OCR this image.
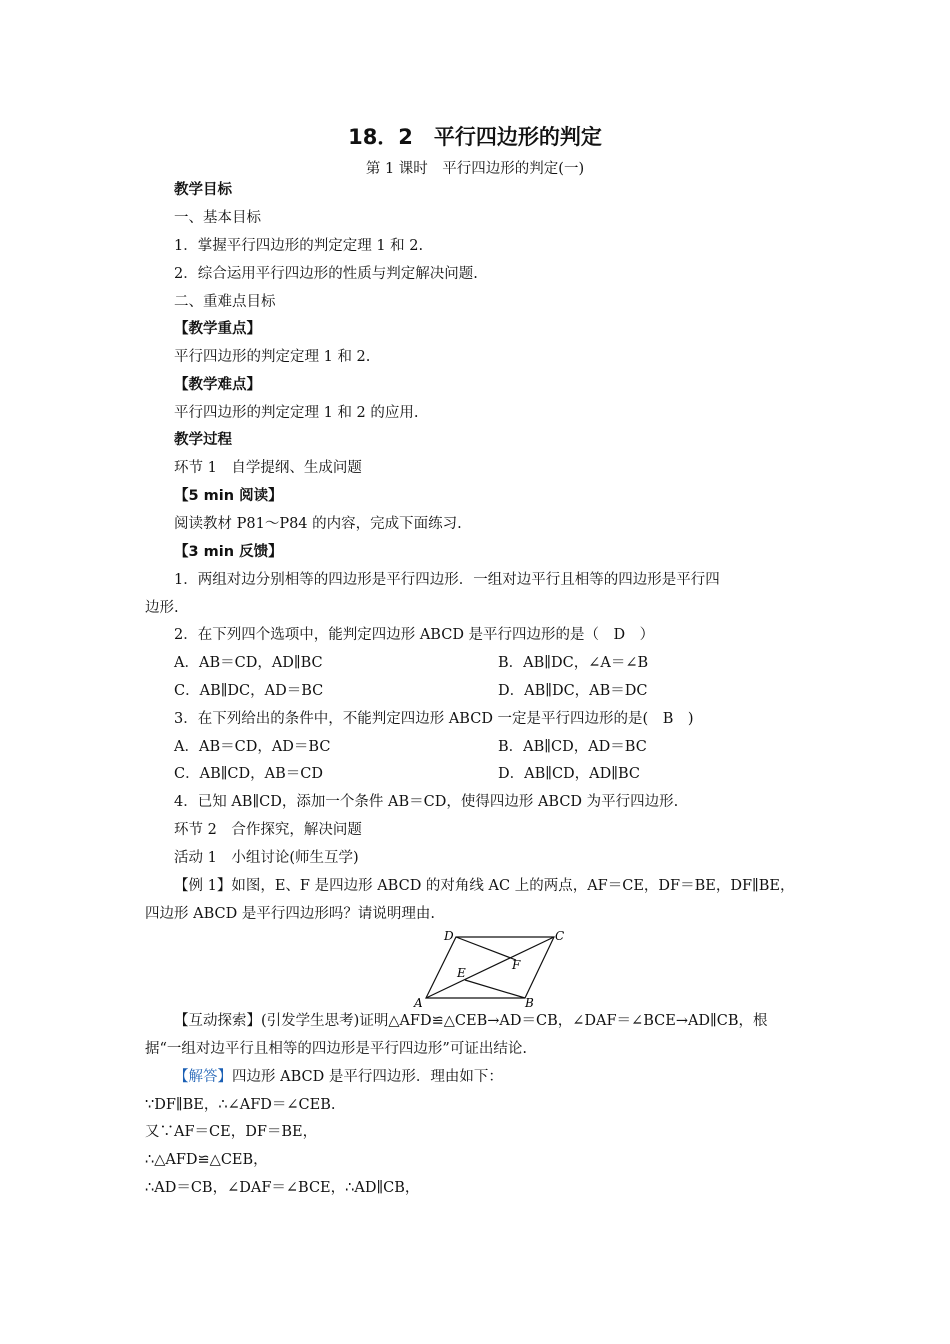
18．2　平行四边形的判定
第 1 课时　平行四边形的判定(一)
教学目标
一、基本目标
1．掌握平行四边形的判定定理 1 和 2.
2．综合运用平行四边形的性质与判定解决问题.
二、重难点目标
【教学重点】
平行四边形的判定定理 1 和 2.
【教学难点】
平行四边形的判定定理 1 和 2 的应用.
教学过程
环节 1　自学提纲、生成问题
【5 min 阅读】
阅读教材 P81～P84 的内容，完成下面练习.
【3 min 反馈】
1．两组对边分别相等的四边形是平行四边形．一组对边平行且相等的四边形是平行四
边形.
2．在下列四个选项中，能判定四边形 ABCD 是平行四边形的是（　D　）
A．AB＝CD，AD∥BC	B．AB∥DC，∠A＝∠B
C．AB∥DC，AD＝BC	D．AB∥DC，AB＝DC
3．在下列给出的条件中，不能判定四边形 ABCD 一定是平行四边形的是(　B　)
A．AB＝CD，AD＝BC	B．AB∥CD，AD＝BC
C．AB∥CD，AB＝CD	D．AB∥CD，AD∥BC
4．已知 AB∥CD，添加一个条件 AB＝CD，使得四边形 ABCD 为平行四边形.
环节 2　合作探究，解决问题
活动 1　小组讨论(师生互学)
【例 1】如图，E、F 是四边形 ABCD 的对角线 AC 上的两点，AF＝CE，DF＝BE，DF∥BE，
四边形 ABCD 是平行四边形吗？请说明理由.
A	B
C
D
E
F
【互动探索】(引发学生思考)证明△AFD≌△CEB→AD＝CB，∠DAF＝∠BCE→AD∥CB，根
据“一组对边平行且相等的四边形是平行四边形”可证出结论.
【解答】四边形 ABCD 是平行四边形．理由如下：
∵DF∥BE，∴∠AFD＝∠CEB.
又∵AF＝CE，DF＝BE，
∴△AFD≌△CEB，
∴AD＝CB，∠DAF＝∠BCE，∴AD∥CB，
